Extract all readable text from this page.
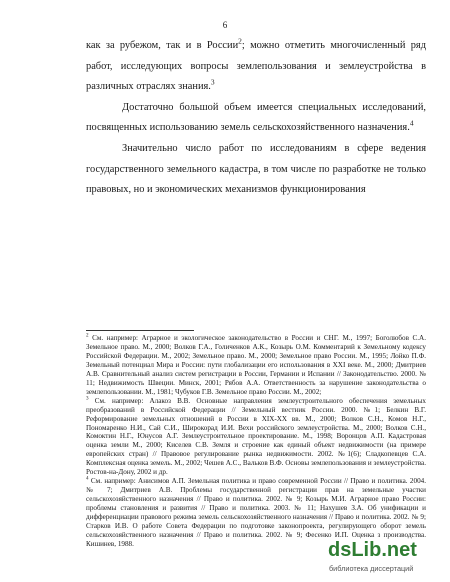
6

как за рубежом, так и в России$^2$; можно отметить многочисленный ряд работ, исследующих вопросы землепользования и землеустройства в различных отраслях знания.$^3$

Достаточно большой объем имеется специальных исследований, посвященных использованию земель сельскохозяйственного назначения.$^4$

Значительно число работ по исследованиям в сфере ведения государственного земельного кадастра, в том числе по разработке не только правовых, но и экономических механизмов функционирования

$^2$ См. например: Аграрное и экологическое законодательство в России и СНГ. М., 1997; Боголюбов С.А. Земельное право. М., 2000; Волков Г.А., Голиченков А.К., Козырь О.М. Комментарий к Земельному кодексу Российской Федерации. М., 2002; Земельное право. М., 2000; Земельное право России. М., 1995; Лойко П.Ф. Земельный потенциал Мира и России: пути глобализации его использования в XXI веке. М., 2000; Дмитриев А.В. Сравнительный анализ систем регистрации в России, Германии и Испании // Законодательство. 2000. № 11; Недвижимость Швеции. Минск, 2001; Рябов А.А. Ответственность за нарушение законодательства о землепользовании. М., 1981; Чубуков Г.В. Земельное право России. М., 2002;

$^3$ См. например: Алакоз В.В. Основные направления землеустроительного обеспечения земельных преобразований в Российской Федерации // Земельный вестник России. 2000. №1; Белкин В.Г. Реформирование земельных отношений в России в XIX-XX вв. М., 2000; Волков С.Н., Комов Н.Г., Пономаренко Н.И., Сай С.И., Широкорад И.И. Вехи российского землеустройства. М., 2000; Волков С.Н., Комоктин Н.Г., Юнусов А.Г. Землеустроительное проектирование. М., 1998; Воронцов А.П. Кадастровая оценка земли М., 2000; Киселев С.В. Земля и строение как единый объект недвижимости (на примере европейских стран) // Правовое регулирование рынка недвижимости. 2002. №1(6); Сладкопевцев С.А. Комплексная оценка земель. М., 2002; Чешев А.С., Вальков В.Ф. Основы землепользования и землеустройства. Ростов-на-Дону, 2002 и др.

$^4$ См. например: Анисимов А.П. Земельная политика и право современной России // Право и политика. 2004. № 7; Дмитриев А.В. Проблемы государственной регистрации прав на земельные участки сельскохозяйственного назначения // Право и политика. 2002. № 9; Козырь М.И. Аграрное право России: проблемы становления и развития // Право и политика. 2003. № 11; Нахушев З.А. Об унификации и дифференциации правового режима земель сельскохозяйственного назначения // Право и политика. 2002. № 9; Старков И.В. О работе Совета Федерации по подготовке законопроекта, регулирующего оборот земель сельскохозяйственного назначения // Право и политика. 2002. № 9; Фесенко И.П. Оценка з производства. Кишинев, 1988.	dsLib.net
библиотека диссертаций
